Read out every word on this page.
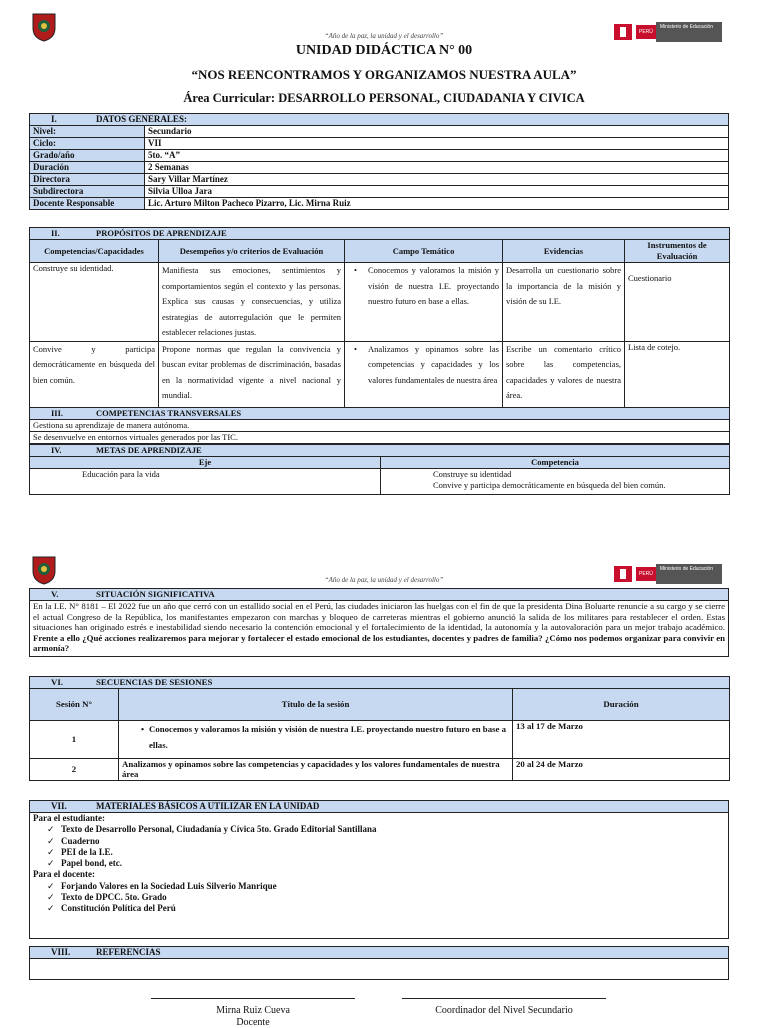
“Año de la paz, la unidad y el desarrollo”	PERÚ
Ministerio de Educación
UNIDAD DIDÁCTICA N° 00
“NOS REENCONTRAMOS Y ORGANIZAMOS NUESTRA AULA”
Área Curricular: DESARROLLO PERSONAL, CIUDADANIA Y CIVICA
I. DATOS GENERALES:	
Nivel:	Secundario
Ciclo:	VII
Grado/año	5to. “A”
Duración	2 Semanas
Directora	Sary Villar Martínez
Subdirectora	Silvia Ulloa Jara
Docente Responsable	Lic. Arturo Milton Pacheco Pizarro, Lic. Mirna Ruiz
II. PROPÓSITOS DE APRENDIZAJE				
Competencias/Capacidades	Desempeños y/o criterios de Evaluación	Campo Temático	Evidencias	Instrumentos de Evaluación
Construye su identidad.	Manifiesta sus emociones, sentimientos y comportamientos según el contexto y las personas. Explica sus causas y consecuencias, y utiliza estrategias de autorregulación que le permiten establecer relaciones justas.	• Conocemos y valoramos la misión y visión de nuestra I.E. proyectando nuestro futuro en base a ellas.	Desarrolla un cuestionario sobre la importancia de la misión y visión de su I.E.	Cuestionario
Convive y participa democráticamente en búsqueda del bien común.	Propone normas que regulan la convivencia y buscan evitar problemas de discriminación, basadas en la normatividad vigente a nivel nacional y mundial.	• Analizamos y opinamos sobre las competencias y capacidades y los valores fundamentales de nuestra área	Escribe un comentario crítico sobre las competencias, capacidades y valores de nuestra área.	Lista de cotejo.
III. COMPETENCIAS TRANSVERSALES				
Gestiona su aprendizaje de manera autónoma.				
Se desenvuelve en entornos virtuales generados por las TIC.				
IV. METAS DE APRENDIZAJE	
Eje	Competencia
Educación para la vida	Construye su identidad
Convive y participa democráticamente en búsqueda del bien común.
“Año de la paz, la unidad y el desarrollo”
PERÚ
Ministerio de Educación
V.	SITUACIÓN SIGNIFICATIVA
En la I.E. N° 8181 – El 2022 fue un año que cerró con un estallido social en el Perú, las ciudades iniciaron las huelgas con el fin de que la presidenta Dina Boluarte renuncie a su cargo y se cierre el actual Congreso de la República, los manifestantes empezaron con marchas y bloqueo de carreteras mientras el gobierno anunció la salida de los militares para restablecer el orden. Estas situaciones han originado estrés e inestabilidad siendo necesario la contención emocional y el fortalecimiento de la identidad, la autonomía y la autovaloración para un mejor trabajo académico. Frente a ello ¿Qué acciones realizaremos para mejorar y fortalecer el estado emocional de los estudiantes, docentes y padres de familia? ¿Cómo nos podemos organizar para convivir en armonía?
VI. SECUENCIAS DE SESIONES		
Sesión N°	Título de la sesión	Duración
1	• Conocemos y valoramos la misión y visión de nuestra I.E. proyectando nuestro futuro en base a ellas.	13 al 17 de Marzo
2	Analizamos y opinamos sobre las competencias y capacidades y los valores fundamentales de nuestra área	20 al 24 de Marzo
VII.	MATERIALES BÁSICOS A UTILIZAR EN LA UNIDAD

Para el estudiante:
✓ Texto de Desarrollo Personal, Ciudadanía y Cívica 5to. Grado Editorial Santillana
✓ Cuaderno
✓ PEI de la I.E.
✓ Papel bond, etc.
Para el docente:
✓ Forjando Valores en la Sociedad Luis Silverio Manrique
✓ Texto de DPCC. 5to. Grado
✓ Constitución Política del Perú
VIII.	REFERENCIAS

Mirna Ruiz Cueva
Docente
Coordinador del Nivel Secundario
